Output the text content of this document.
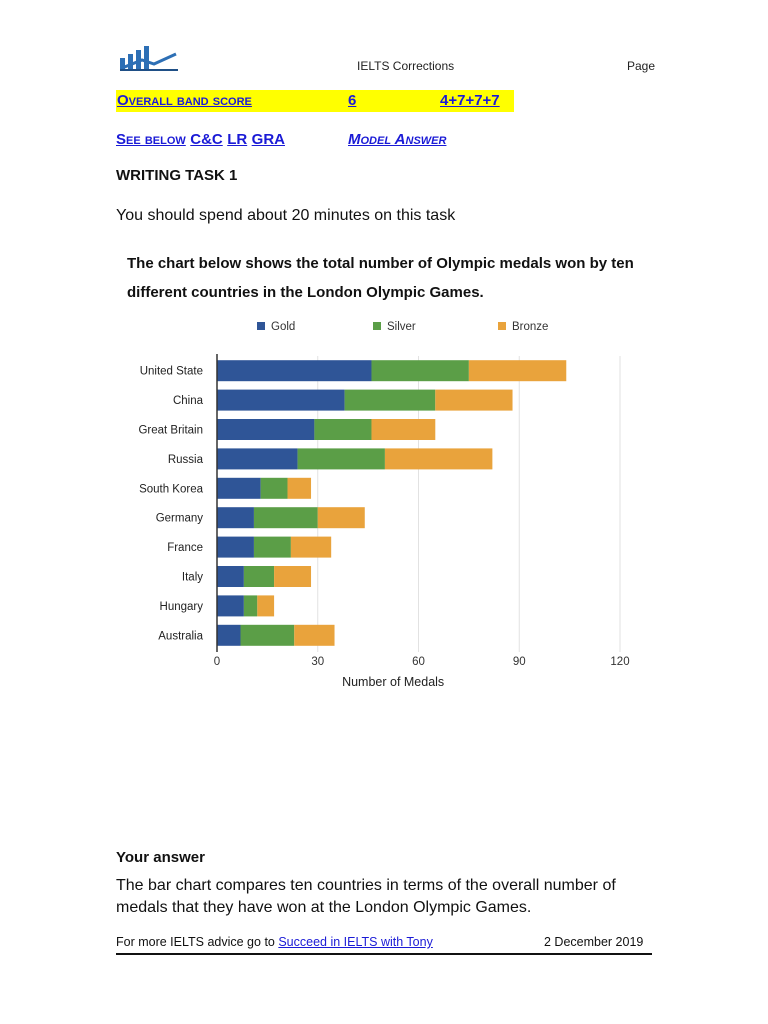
IELTS Corrections	Page
Overall band score	6	4+7+7+7
See below C&C LR GRA	Model Answer
WRITING TASK 1
You should spend about 20 minutes on this task
The chart below shows the total number of Olympic medals won by ten different countries in the London Olympic Games.
Gold	Silver	Bronze
0	30	60	90	120
United State
China
Great Britain
Russia
South Korea
Germany
France
Italy
Hungary
Australia
Number of Medals
Your answer
The bar chart compares ten countries in terms of the overall number of medals that they have won at the London Olympic Games.
For more IELTS advice go to Succeed in IELTS with Tony	2 December 2019
